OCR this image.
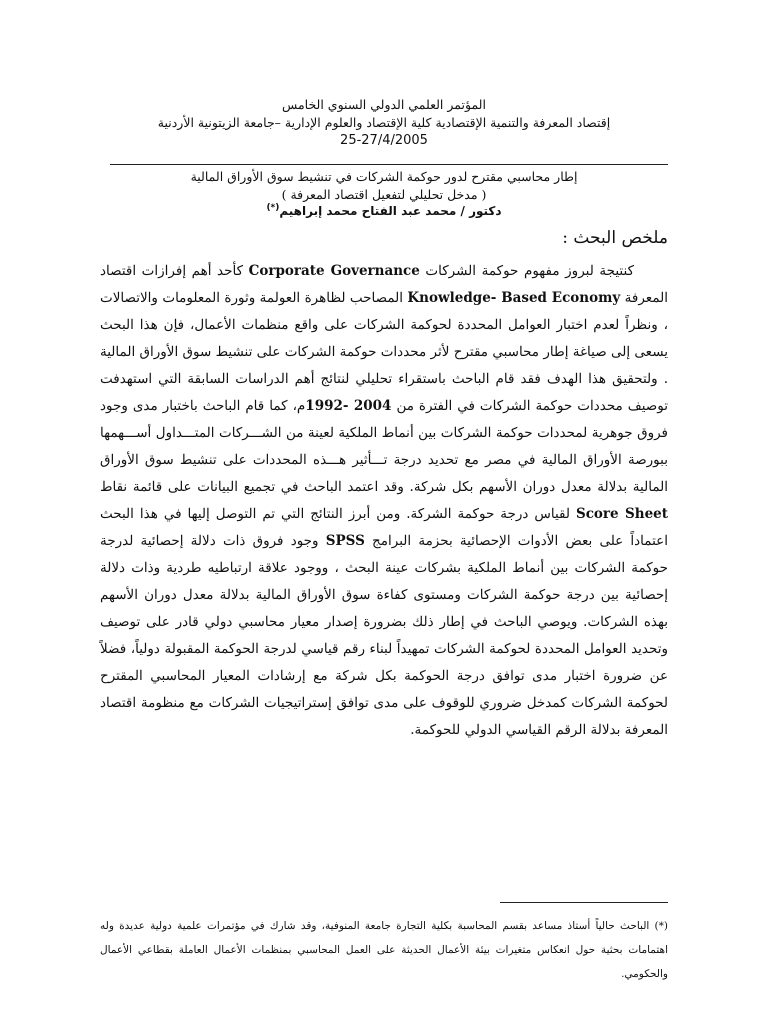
المؤتمر العلمي الدولي السنوي الخامس
إقتصاد المعرفة والتنمية الإقتصادية كلية الإقتصاد والعلوم الإدارية –جامعة الزيتونية الأردنية
25-27/4/2005
إطار محاسبي مقترح لدور حوكمة الشركات في تنشيط سوق الأوراق المالية
( مدخل تحليلي لتفعيل اقتصاد المعرفة )
دكتور / محمد عبد الفتاح محمد إبراهيم(*)
ملخص البحث :

كنتيجة لبروز مفهوم حوكمة الشركات Corporate Governance كأحد أهم إفرازات اقتصاد المعرفة Knowledge- Based Economy المصاحب لظاهرة العولمة وثورة المعلومات والاتصالات ، ونظراً لعدم اختبار العوامل المحددة لحوكمة الشركات على واقع منظمات الأعمال، فإن هذا البحث يسعى إلى صياغة إطار محاسبي مقترح لأثر محددات حوكمة الشركات على تنشيط سوق الأوراق المالية . ولتحقيق هذا الهدف فقد قام الباحث باستقراء تحليلي لنتائج أهم الدراسات السابقة التي استهدفت توصيف محددات حوكمة الشركات في الفترة من 1992- 2004م، كما قام الباحث باختبار مدى وجود فروق جوهرية لمحددات حوكمة الشركات بين أنماط الملكية لعينة من الشـــركات المتـــداول أســـهمها ببورصة الأوراق المالية في مصر مع تحديد درجة تـــأثير هـــذه المحددات على تنشيط سوق الأوراق المالية بدلالة معدل دوران الأسهم بكل شركة. وقد اعتمد الباحث في تجميع البيانات على قائمة نقاط Score Sheet لقياس درجة حوكمة الشركة. ومن أبرز النتائج التي تم التوصل إليها في هذا البحث اعتماداً على بعض الأدوات الإحصائية بحزمة البرامج SPSS وجود فروق ذات دلالة إحصائية لدرجة حوكمة الشركات بين أنماط الملكية بشركات عينة البحث ، ووجود علاقة ارتباطيه طردية وذات دلالة إحصائية بين درجة حوكمة الشركات ومستوى كفاءة سوق الأوراق المالية بدلالة معدل دوران الأسهم بهذه الشركات. ويوصي الباحث في إطار ذلك بضرورة إصدار معيار محاسبي دولي قادر على توصيف وتحديد العوامل المحددة لحوكمة الشركات تمهيداً لبناء رقم قياسي لدرجة الحوكمة المقبولة دولياً، فضلاً عن ضرورة اختبار مدى توافق درجة الحوكمة بكل شركة مع إرشادات المعيار المحاسبي المقترح لحوكمة الشركات كمدخل ضروري للوقوف على مدى توافق إستراتيجيات الشركات مع منظومة اقتصاد المعرفة بدلالة الرقم القياسي الدولي للحوكمة.

(*) الباحث حالياً أستاذ مساعد بقسم المحاسبة بكلية التجارة جامعة المنوفية، وقد شارك في مؤتمرات علمية دولية عديدة وله اهتمامات بحثية حول انعكاس متغيرات بيئة الأعمال الحديثة على العمل المحاسبي بمنظمات الأعمال العاملة بقطاعي الأعمال والحكومي.
